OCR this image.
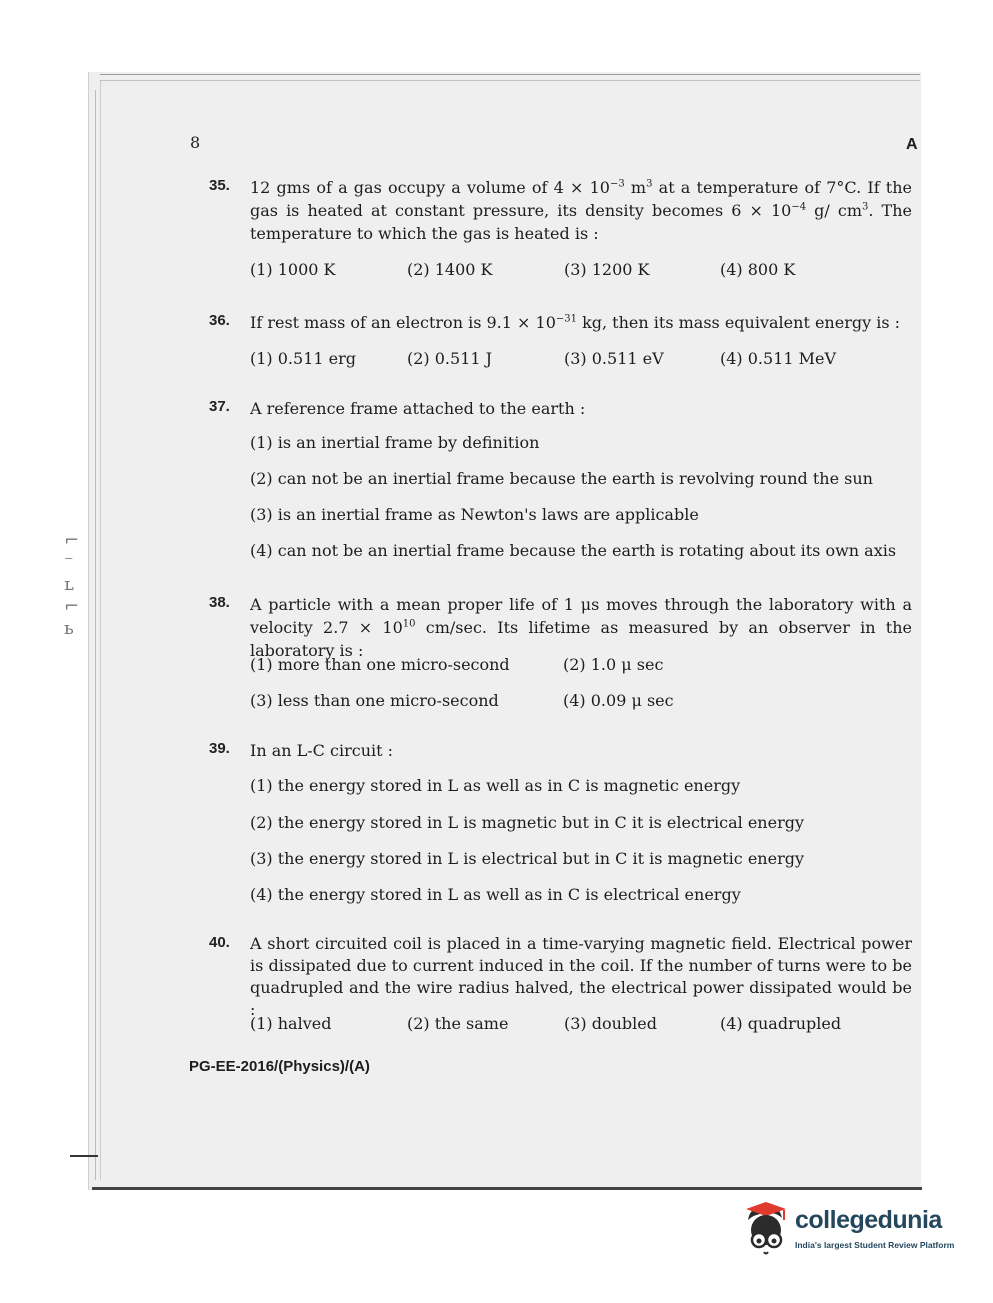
⌐
⁻
ʟ
⌐
ь
8	A
35. 12 gms of a gas occupy a volume of $4 \times 10^{-3}$ $m^3$ at a temperature of 7°C. If the gas is heated at constant pressure, its density becomes $6 \times 10^{-4}$ g/ $cm^3$. The temperature to which the gas is heated is :
(1) 1000 K	(2) 1400 K	(3) 1200 K	(4) 800 K
36. If rest mass of an electron is $9.1 \times 10^{-31}$ kg, then its mass equivalent energy is :
(1) 0.511 erg	(2) 0.511 J	(3) 0.511 eV	(4) 0.511 MeV
37. A reference frame attached to the earth :
(1) is an inertial frame by definition
(2) can not be an inertial frame because the earth is revolving round the sun
(3) is an inertial frame as Newton's laws are applicable
(4) can not be an inertial frame because the earth is rotating about its own axis
38. A particle with a mean proper life of 1 μs moves through the laboratory with a velocity $2.7 \times 10^{10}$ cm/sec. Its lifetime as measured by an observer in the laboratory is :
(1) more than one micro-second	(2) 1.0 μ sec
(3) less than one micro-second	(4) 0.09 μ sec
39. In an L-C circuit :
(1) the energy stored in L as well as in C is magnetic energy
(2) the energy stored in L is magnetic but in C it is electrical energy
(3) the energy stored in L is electrical but in C it is magnetic energy
(4) the energy stored in L as well as in C is electrical energy
40. A short circuited coil is placed in a time-varying magnetic field. Electrical power is dissipated due to current induced in the coil. If the number of turns were to be quadrupled and the wire radius halved, the electrical power dissipated would be :
(1) halved	(2) the same	(3) doubled	(4) quadrupled
PG-EE-2016/(Physics)/(A)
collegedunia
India's largest Student Review Platform
